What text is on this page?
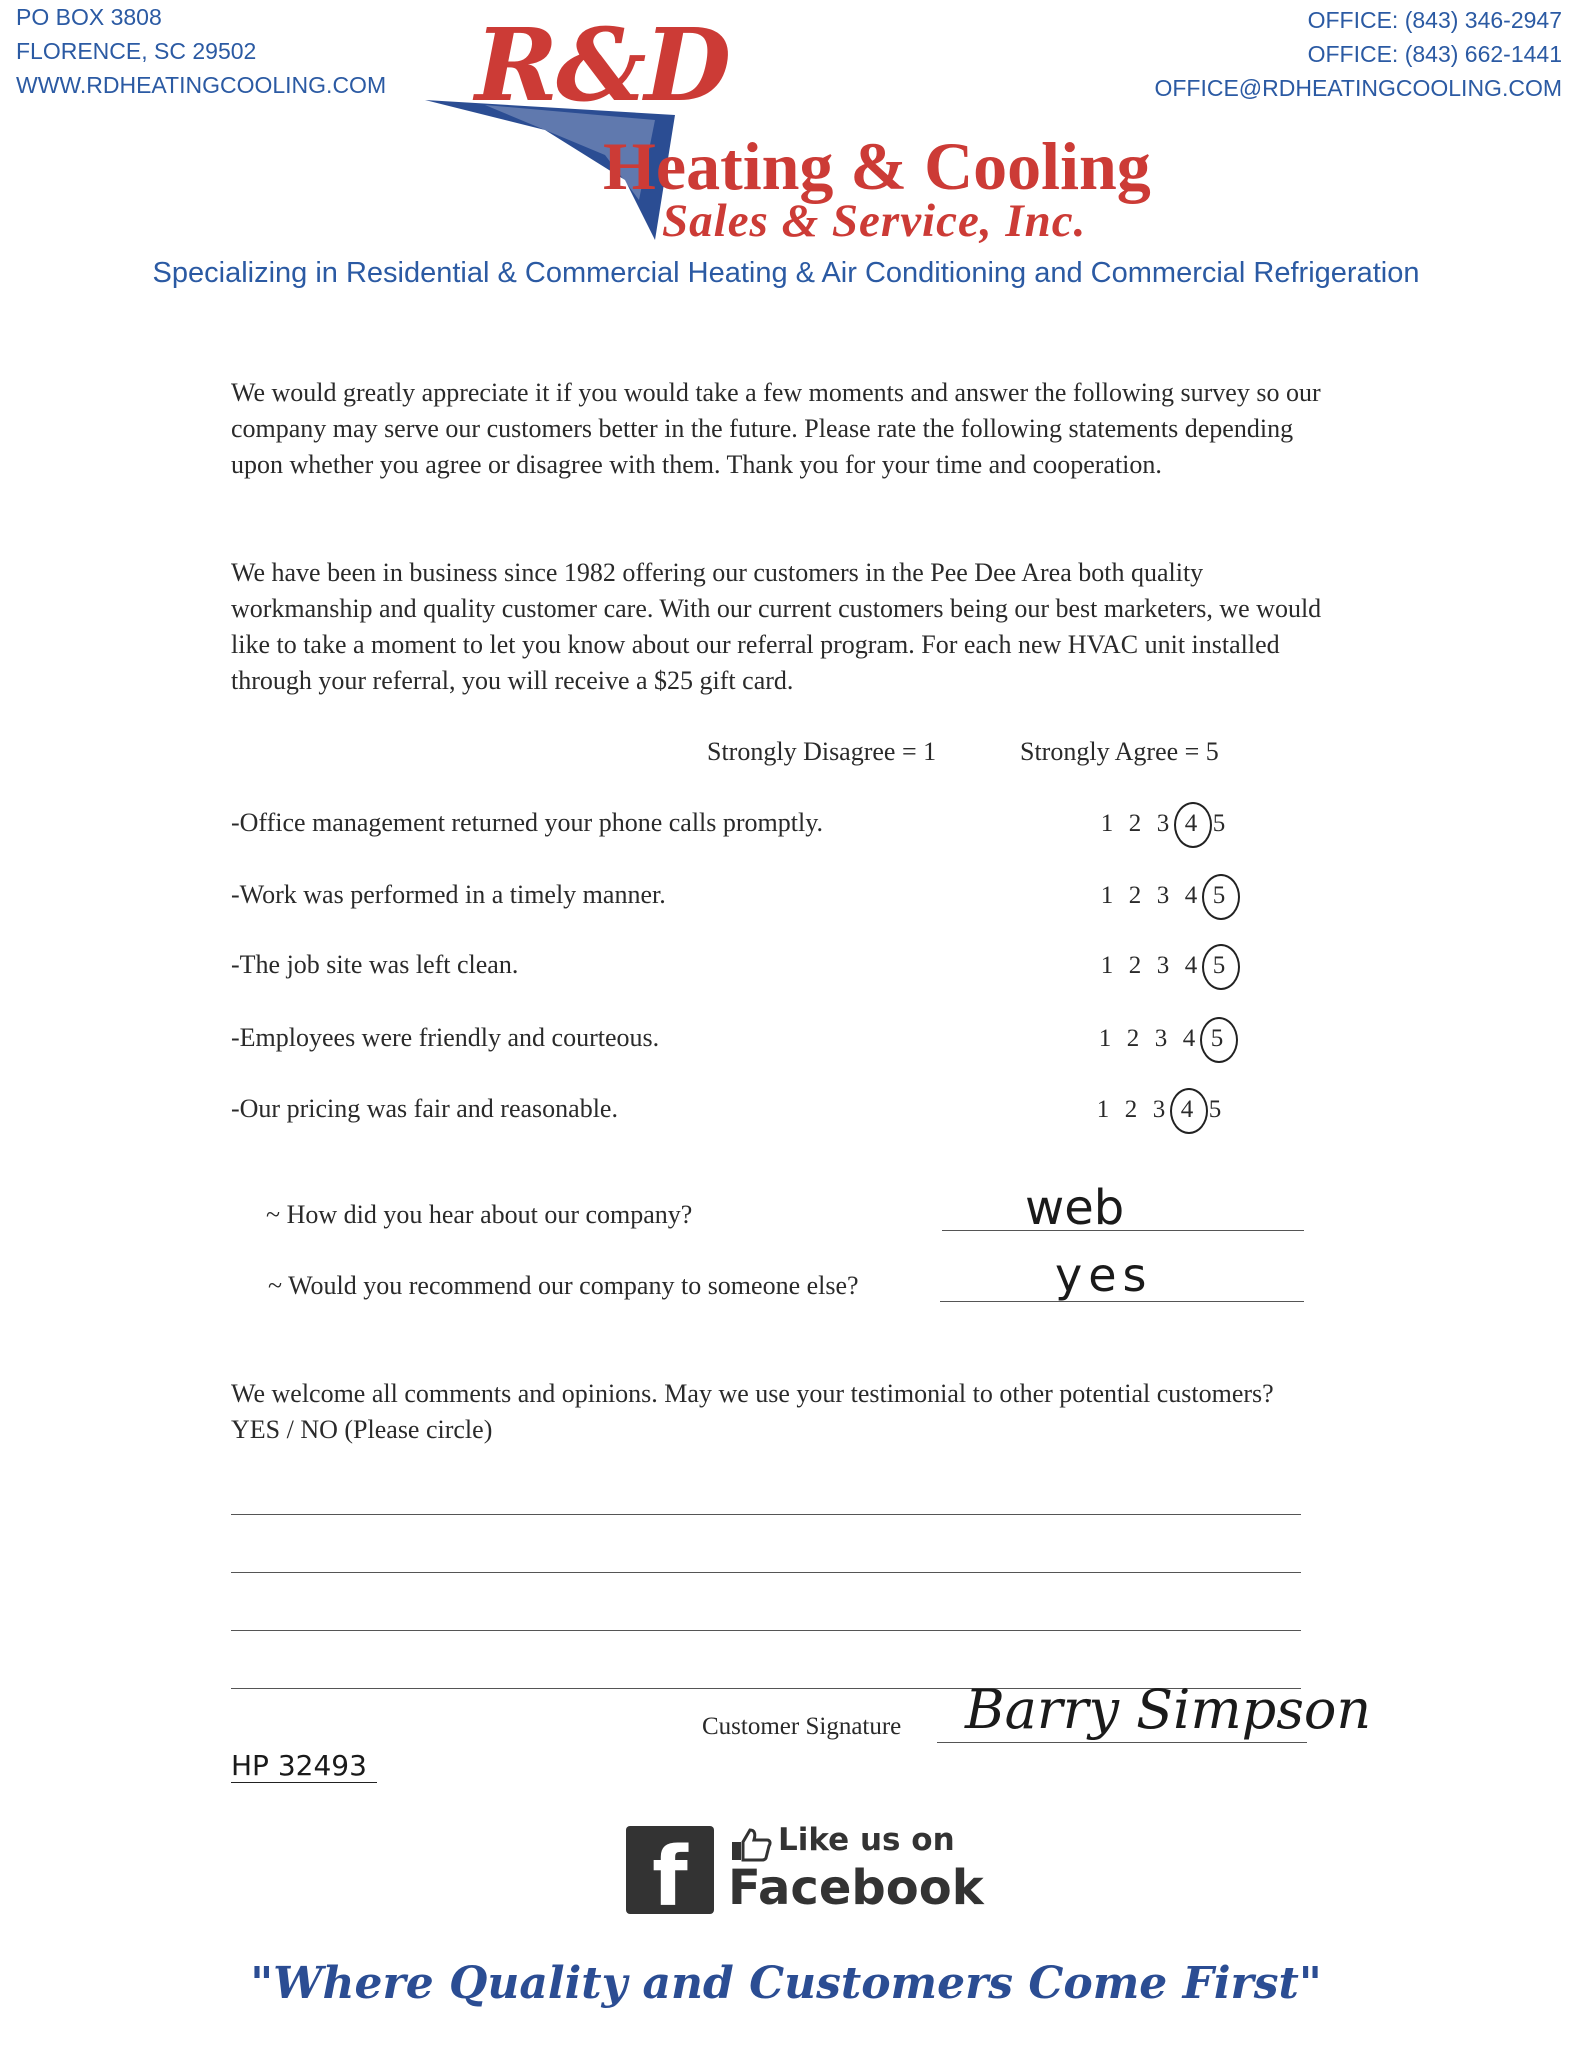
PO BOX 3808
FLORENCE, SC 29502
WWW.RDHEATINGCOOLING.COM
OFFICE: (843) 346-2947
OFFICE: (843) 662-1441
OFFICE@RDHEATINGCOOLING.COM
R&D
Heating & Cooling
Sales & Service, Inc.
Specializing in Residential & Commercial Heating & Air Conditioning and Commercial Refrigeration
We would greatly appreciate it if you would take a few moments and answer the following survey so our company may serve our customers better in the future. Please rate the following statements depending upon whether you agree or disagree with them. Thank you for your time and cooperation.
We have been in business since 1982 offering our customers in the Pee Dee Area both quality workmanship and quality customer care. With our current customers being our best marketers, we would like to take a moment to let you know about our referral program. For each new HVAC unit installed through your referral, you will receive a $25 gift card.
Strongly Disagree = 1	Strongly Agree = 5
-Office management returned your phone calls promptly.	1 2 3 4 5
-Work was performed in a timely manner.	1 2 3 4 5
-The job site was left clean.	1 2 3 4 5
-Employees were friendly and courteous.	1 2 3 4 5
-Our pricing was fair and reasonable.	1 2 3 4 5
~ How did you hear about our company?	web
~ Would you recommend our company to someone else?	yes
We welcome all comments and opinions. May we use your testimonial to other potential customers? YES / NO (Please circle)
Customer Signature Barry Simpson
HP 32493
f	Like us on
Facebook
"Where Quality and Customers Come First"
